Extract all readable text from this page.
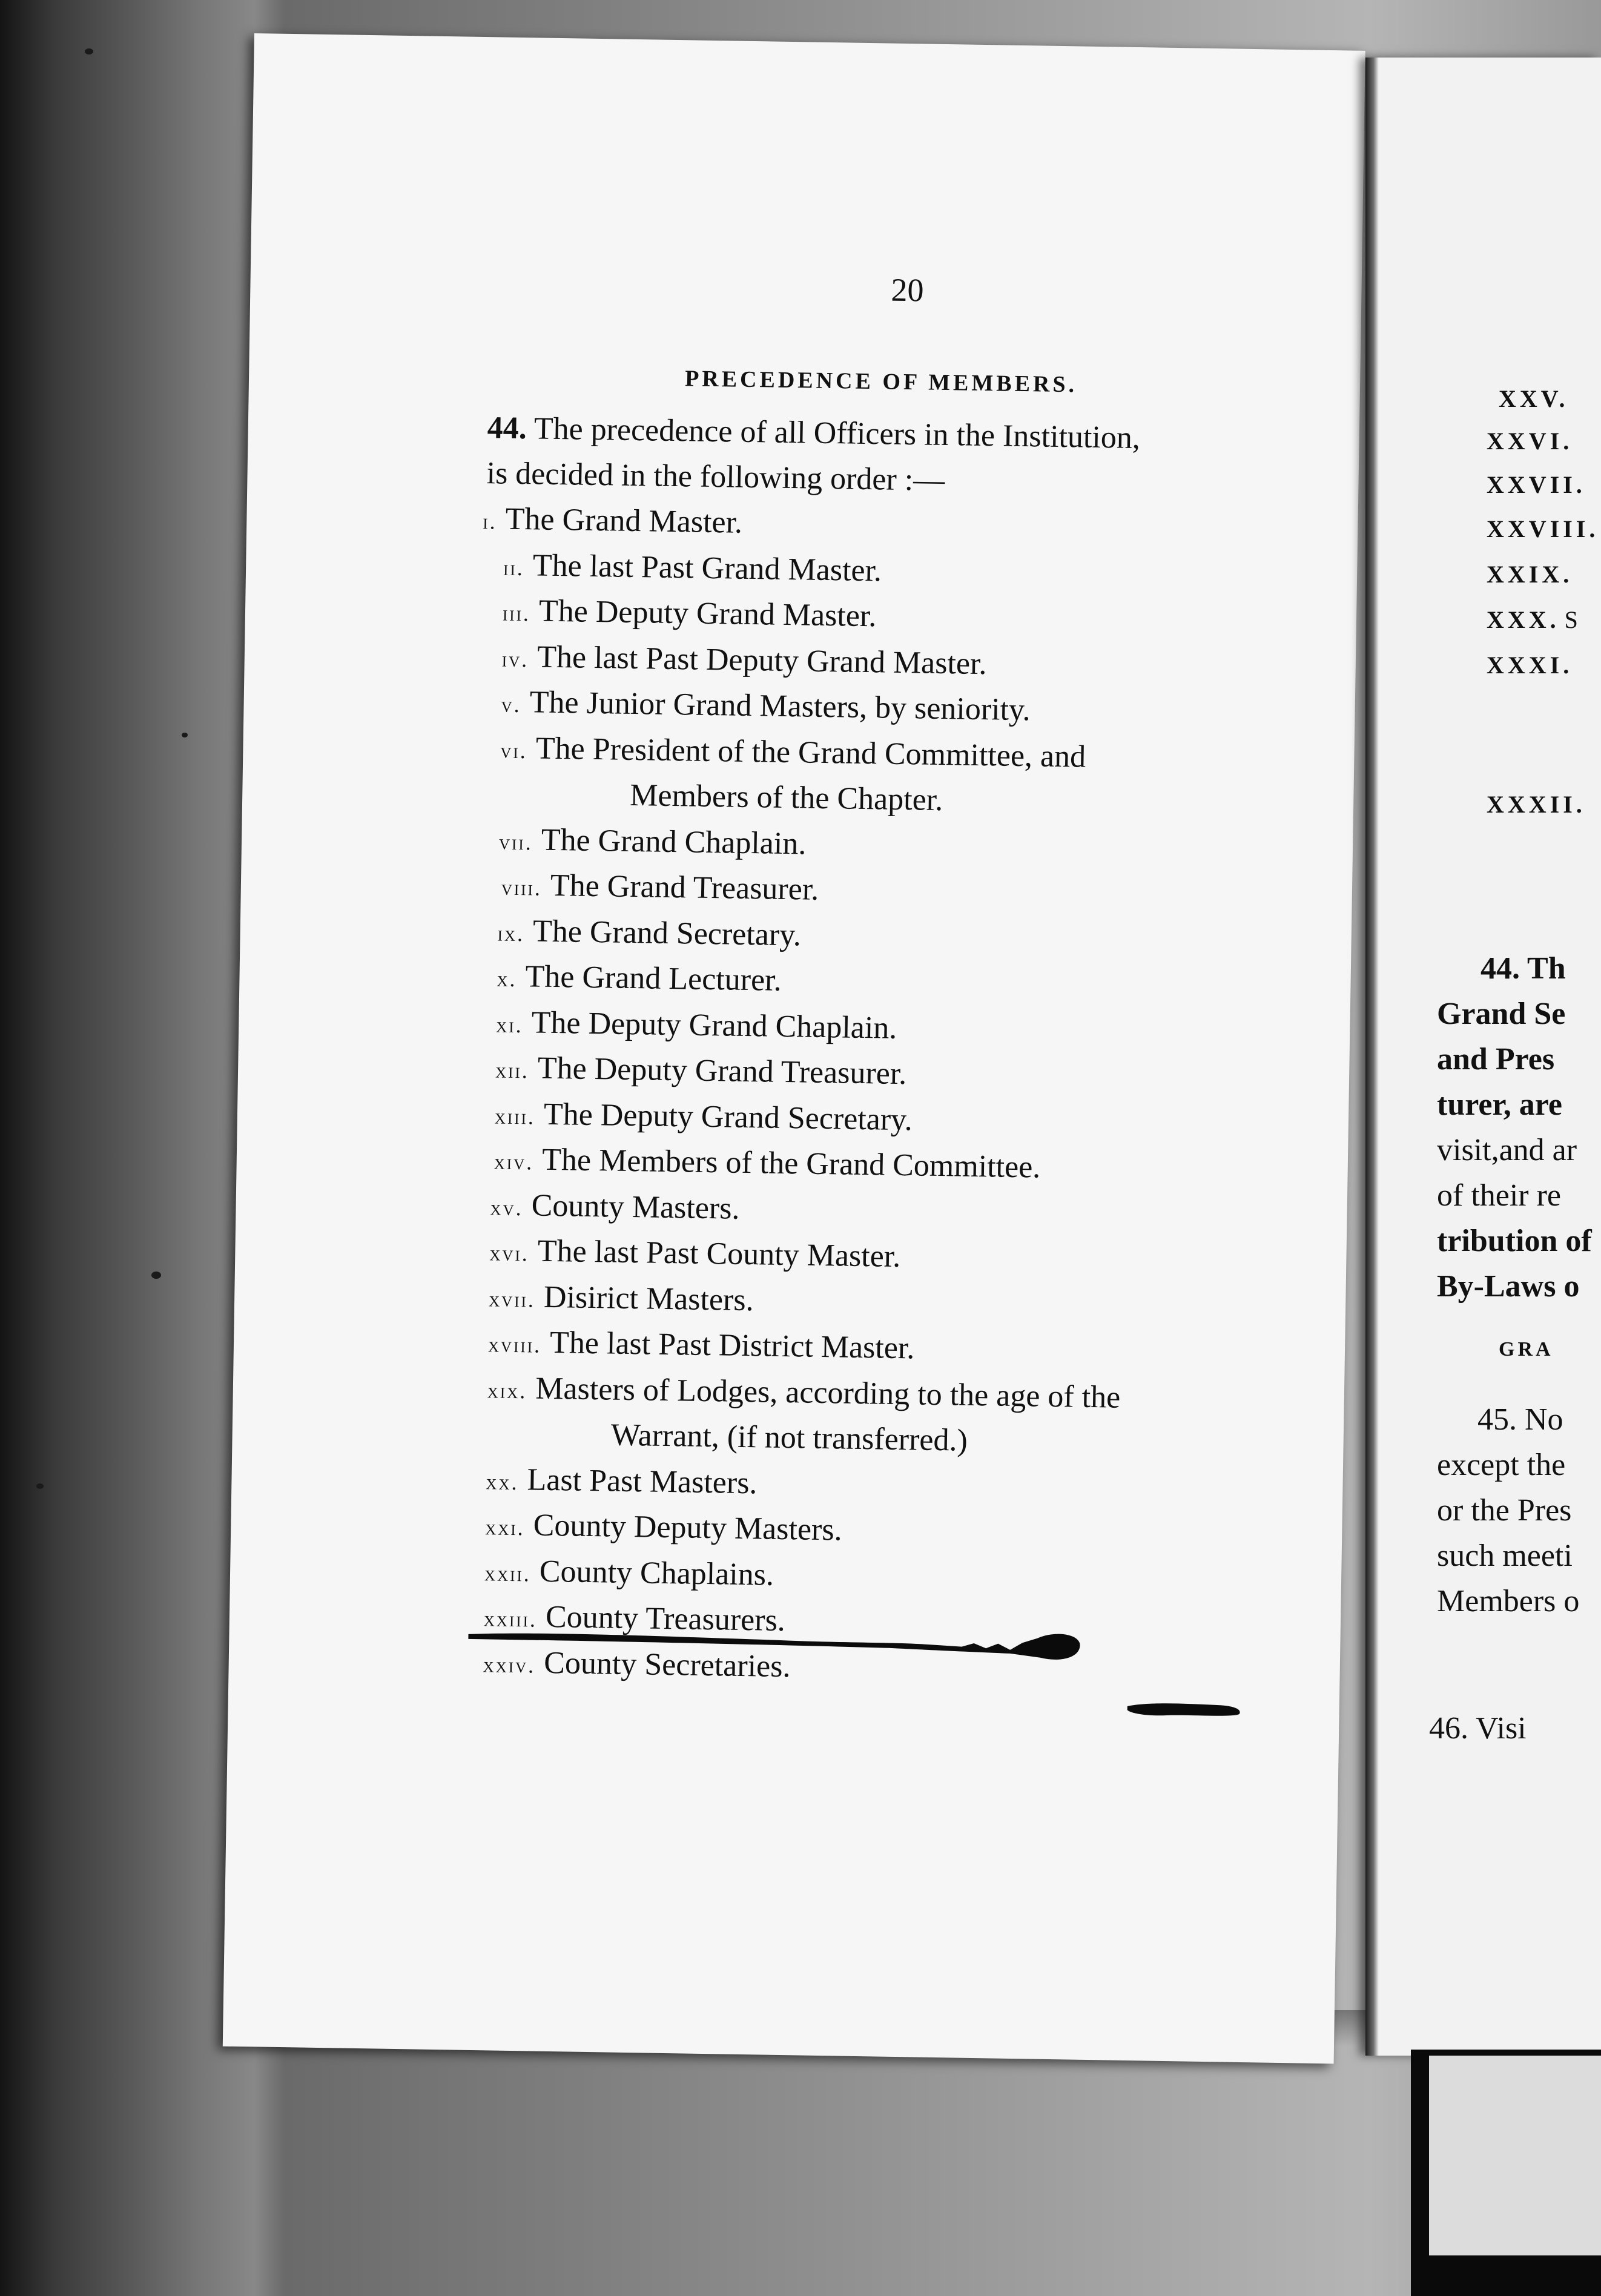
20
PRECEDENCE OF MEMBERS.
44. The precedence of all Officers in the Institution,
is decided in the following order :—
i. The Grand Master.
ii. The last Past Grand Master.
iii. The Deputy Grand Master.
iv. The last Past Deputy Grand Master.
v. The Junior Grand Masters, by seniority.
vi. The President of the Grand Committee, and
Members of the Chapter.
vii. The Grand Chaplain.
viii. The Grand Treasurer.
ix. The Grand Secretary.
x. The Grand Lecturer.
xi. The Deputy Grand Chaplain.
xii. The Deputy Grand Treasurer.
xiii. The Deputy Grand Secretary.
xiv. The Members of the Grand Committee.
xv. County Masters.
xvi. The last Past County Master.
xvii. Disirict Masters.
xviii. The last Past District Master.
xix. Masters of Lodges, according to the age of the
Warrant, (if not transferred.)
xx. Last Past Masters.
xxi. County Deputy Masters.
xxii. County Chaplains.
xxiii. County Treasurers.
xxiv. County Secretaries.
XXV.
XXVI.
XXVII.
XXVIII.
XXIX.
XXX. S
XXXI.
XXXII.
44. Th
Grand Se
and Pres
turer, are
visit,and ar
of their re
tribution of
By-Laws o
GRA
45. No
except the
or the Pres
such meeti
Members o
46. Visi
